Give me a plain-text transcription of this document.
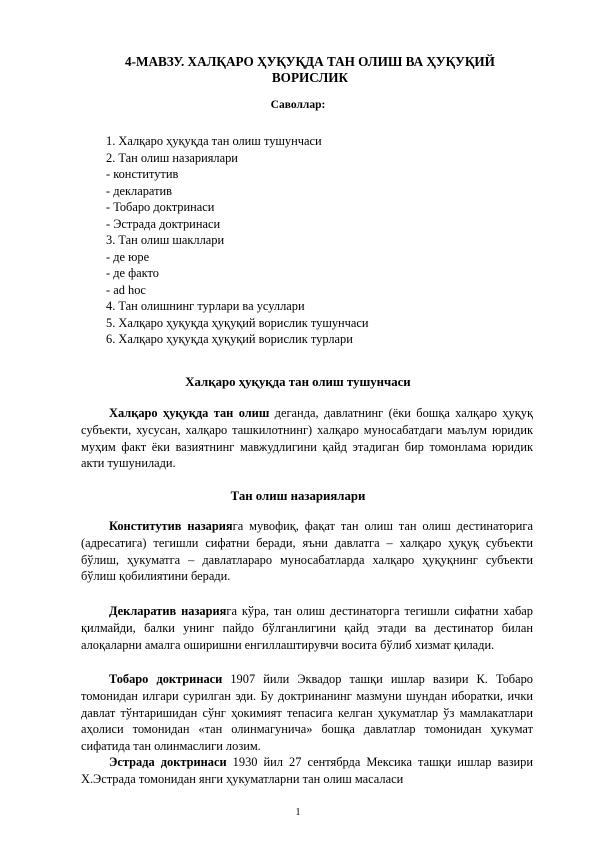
4-МАВЗУ. ХАЛҚАРО ҲУҚУҚДА ТАН ОЛИШ ВА ҲУҚУҚИЙ ВОРИСЛИК
Саволлар:
1. Халқаро ҳуқуқда тан олиш тушунчаси
2. Тан олиш назариялари
- конститутив
- декларатив
- Тобаро доктринаси
- Эстрада доктринаси
3. Тан олиш шакллари
- де юре
- де факто
- ad hoc
4. Тан олишнинг турлари ва усуллари
5. Халқаро ҳуқуқда ҳуқуқий ворислик тушунчаси
6. Халқаро ҳуқуқда ҳуқуқий ворислик турлари
Халқаро ҳуқуқда тан олиш тушунчаси

Халқаро ҳуқуқда тан олиш деганда, давлатнинг (ёки бошқа халқаро ҳуқуқ субъекти, хусусан, халқаро ташкилотнинг) халқаро муносабатдаги маълум юридик муҳим факт ёки вазиятнинг мавжудлигини қайд этадиган бир томонлама юридик акти тушунилади.

Тан олиш назариялари

Конститутив назарияга мувофиқ, фақат тан олиш тан олиш дестинаторига (адресатига) тегишли сифатни беради, яъни давлатга – халқаро ҳуқуқ субъекти бўлиш, ҳукуматга – давлатлараро муносабатларда халқаро ҳуқуқнинг субъекти бўлиш қобилиятини беради.

Декларатив назарияга кўра, тан олиш дестинаторга тегишли сифатни хабар қилмайди, балки унинг пайдо бўлганлигини қайд этади ва дестинатор билан алоқаларни амалга оширишни енгиллаштирувчи восита бўлиб хизмат қилади.

Тобаро доктринаси 1907 йили Эквадор ташқи ишлар вазири К. Тобаро томонидан илгари сурилган эди. Бу доктринанинг мазмуни шундан иборатки, ички давлат тўнтаришидан сўнг ҳокимият тепасига келган ҳукуматлар ўз мамлакатлари аҳолиси томонидан «тан олинмагунича» бошқа давлатлар томонидан ҳукумат сифатида тан олинмаслиги лозим.

Эстрада доктринаси 1930 йил 27 сентябрда Мексика ташқи ишлар вазири Х.Эстрада томонидан янги ҳукуматларни тан олиш масаласи

1
